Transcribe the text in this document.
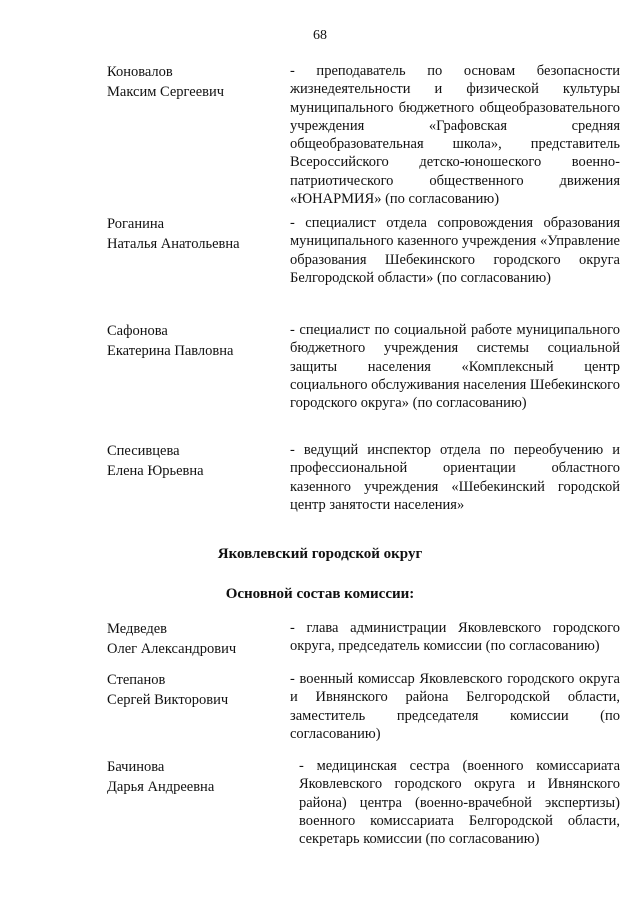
68
Коновалов
Максим Сергеевич
- преподаватель по основам безопасности жизнедеятельности и физической культуры муниципального бюджетного общеобразовательного учреждения «Графовская средняя общеобразовательная школа», представитель Всероссийского детско-юношеского военно-патриотического общественного движения «ЮНАРМИЯ» (по согласованию)
Роганина
Наталья Анатольевна
- специалист отдела сопровождения образования муниципального казенного учреждения «Управление образования Шебекинского городского округа Белгородской области» (по согласованию)
Сафонова
Екатерина Павловна
- специалист по социальной работе муниципального бюджетного учреждения системы социальной защиты населения «Комплексный центр социального обслуживания населения Шебекинского городского округа» (по согласованию)
Спесивцева
Елена Юрьевна
- ведущий инспектор отдела по переобучению и профессиональной ориентации областного казенного учреждения «Шебекинский городской центр занятости населения»
Яковлевский городской округ
Основной состав комиссии:
Медведев
Олег Александрович
- глава администрации Яковлевского городского округа, председатель комиссии (по согласованию)
Степанов
Сергей Викторович
- военный комиссар Яковлевского городского округа и Ивнянского района Белгородской области, заместитель председателя комиссии (по согласованию)
Бачинова
Дарья Андреевна
- медицинская сестра (военного комиссариата Яковлевского городского округа и Ивнянского района) центра (военно-врачебной экспертизы) военного комиссариата Белгородской области, секретарь комиссии (по согласованию)
